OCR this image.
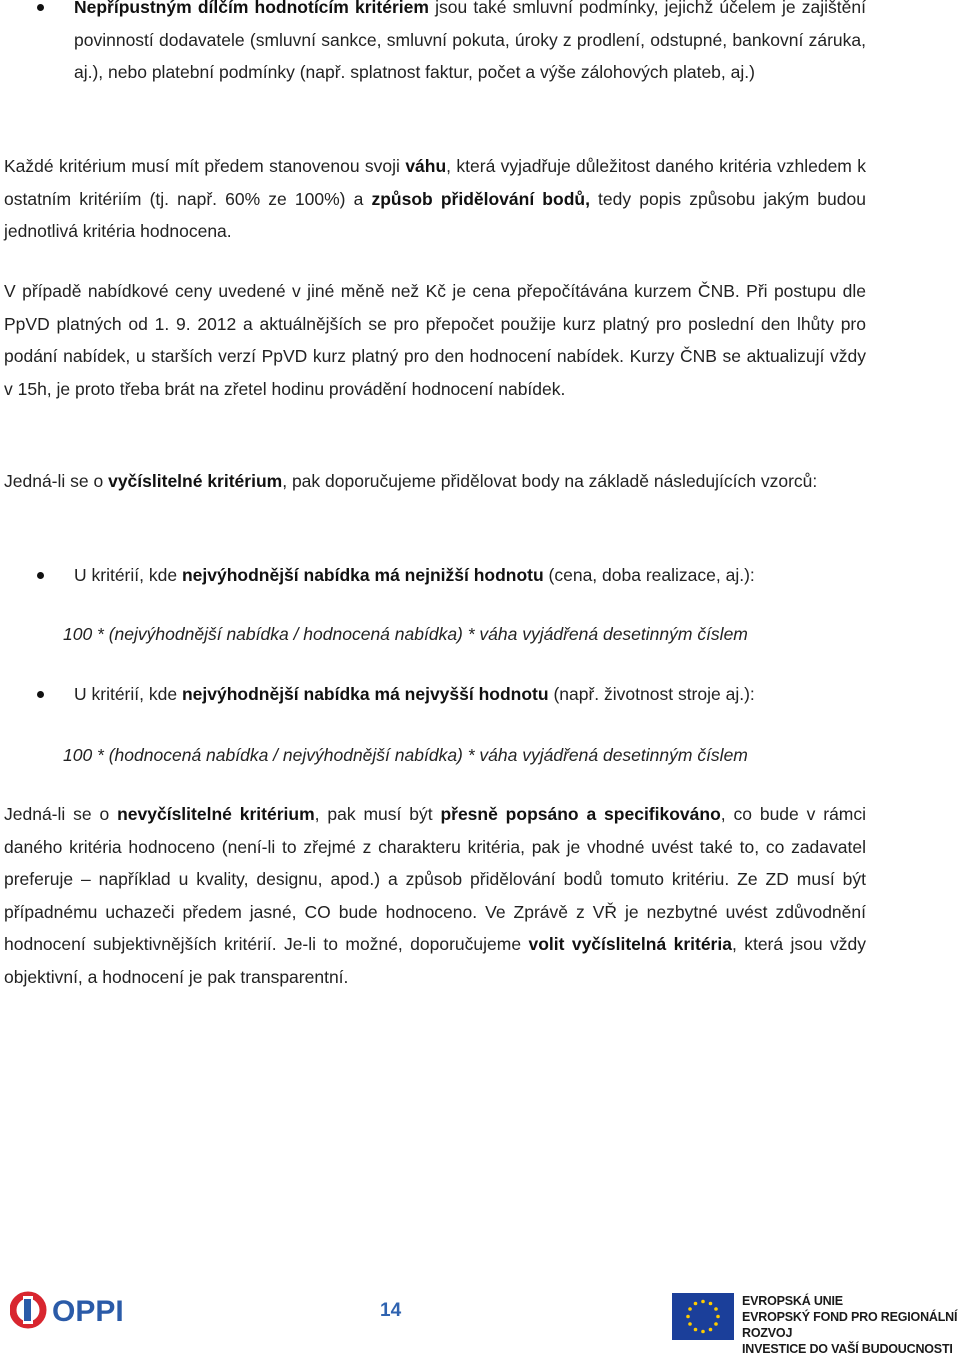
Nepřípustným dílčím hodnotícím kritériem jsou také smluvní podmínky, jejichž účelem je zajištění povinností dodavatele (smluvní sankce, smluvní pokuta, úroky z prodlení, odstupné, bankovní záruka, aj.), nebo platební podmínky (např. splatnost faktur, počet a výše zálohových plateb, aj.)
Každé kritérium musí mít předem stanovenou svoji váhu, která vyjadřuje důležitost daného kritéria vzhledem k ostatním kritériím (tj. např. 60% ze 100%) a způsob přidělování bodů, tedy popis způsobu jakým budou jednotlivá kritéria hodnocena.
V případě nabídkové ceny uvedené v jiné měně než Kč je cena přepočítávána kurzem ČNB. Při postupu dle PpVD platných od 1. 9. 2012 a aktuálnějších se pro přepočet použije kurz platný pro poslední den lhůty pro podání nabídek, u starších verzí PpVD kurz platný pro den hodnocení nabídek. Kurzy ČNB se aktualizují vždy v 15h, je proto třeba brát na zřetel hodinu provádění hodnocení nabídek.
Jedná-li se o vyčíslitelné kritérium, pak doporučujeme přidělovat body na základě následujících vzorců:
U kritérií, kde nejvýhodnější nabídka má nejnižší hodnotu (cena, doba realizace, aj.):
100 * (nejvýhodnější nabídka / hodnocená nabídka) * váha vyjádřená desetinným číslem
U kritérií, kde nejvýhodnější nabídka má nejvyšší hodnotu (např. životnost stroje aj.):
100 * (hodnocená nabídka / nejvýhodnější nabídka) * váha vyjádřená desetinným číslem
Jedná-li se o nevyčíslitelné kritérium, pak musí být přesně popsáno a specifikováno, co bude v rámci daného kritéria hodnoceno (není-li to zřejmé z charakteru kritéria, pak je vhodné uvést také to, co zadavatel preferuje – například u kvality, designu, apod.) a způsob přidělování bodů tomuto kritériu. Ze ZD musí být případnému uchazeči předem jasné, CO bude hodnoceno. Ve Zprávě z VŘ je nezbytné uvést zdůvodnění hodnocení subjektivnějších kritérií. Je-li to možné, doporučujeme volit vyčíslitelná kritéria, která jsou vždy objektivní, a hodnocení je pak transparentní.
OPPI	14	EVROPSKÁ UNIE
EVROPSKÝ FOND PRO REGIONÁLNÍ ROZVOJ
INVESTICE DO VAŠÍ BUDOUCNOSTI
